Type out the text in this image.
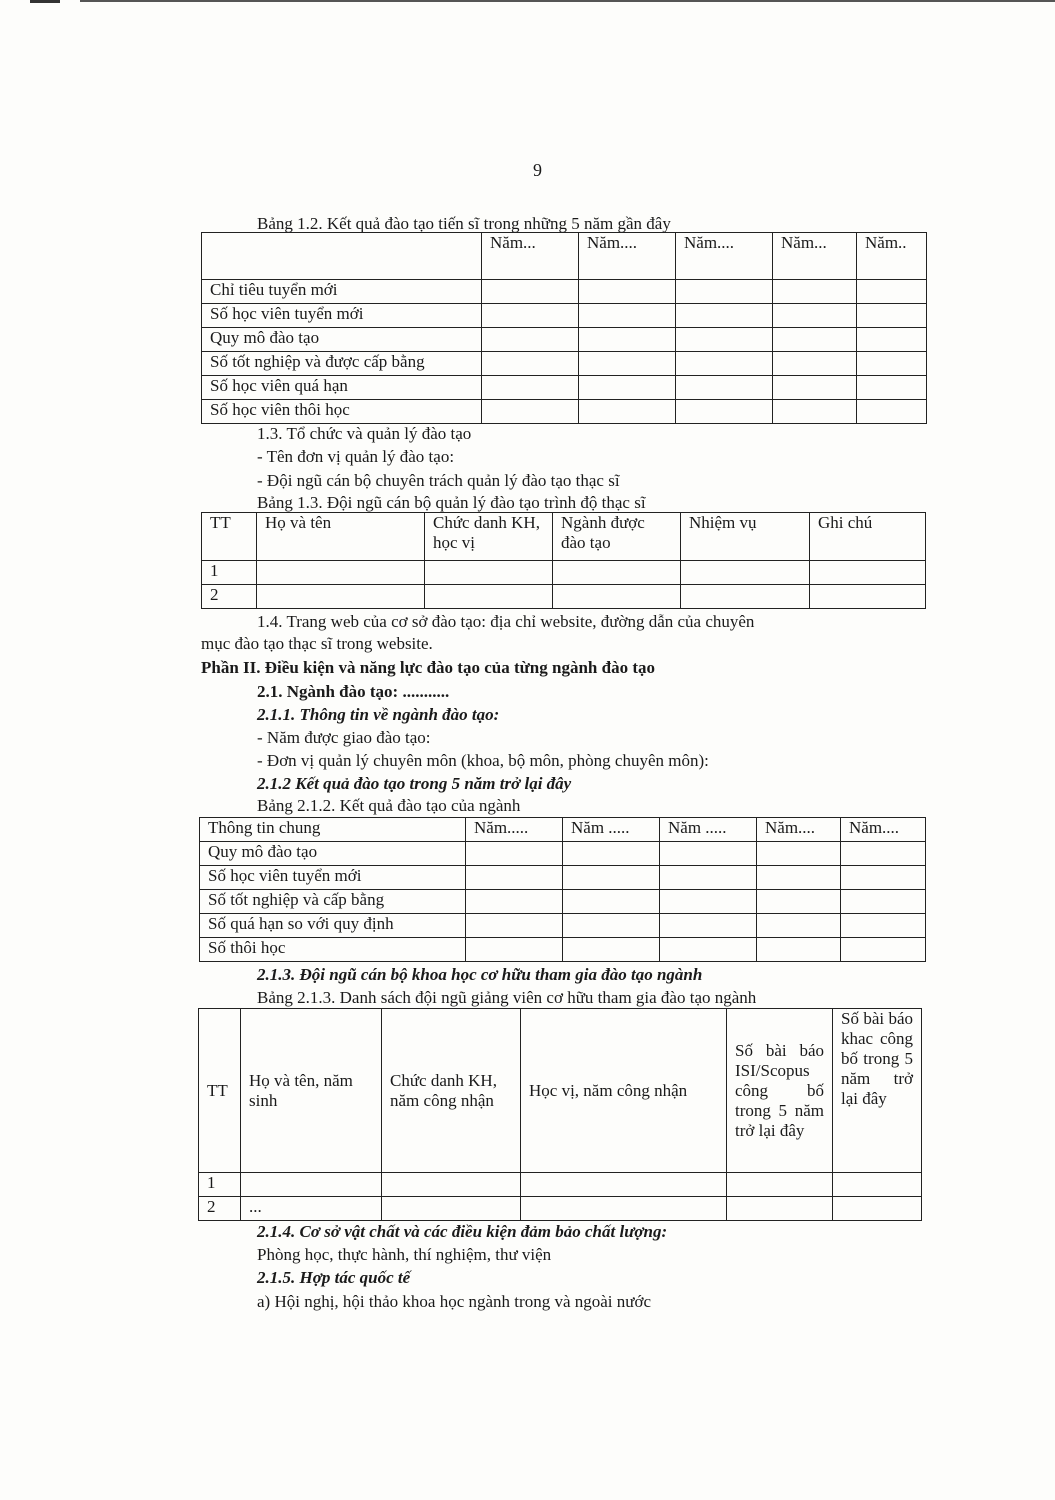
9
Bảng 1.2. Kết quả đào tạo tiến sĩ trong những 5 năm gần đây
	Năm...	Năm....	Năm....	Năm...	Năm..
Chỉ tiêu tuyển mới					
Số học viên tuyển mới					
Quy mô đào tạo					
Số tốt nghiệp và được cấp bằng					
Số học viên quá hạn					
Số học viên thôi học					
1.3. Tổ chức và quản lý đào tạo
- Tên đơn vị quản lý đào tạo:
- Đội ngũ cán bộ chuyên trách quản lý đào tạo thạc sĩ
Bảng 1.3. Đội ngũ cán bộ quản lý đào tạo trình độ thạc sĩ
TT	Họ và tên	Chức danh KH, học vị	Ngành được đào tạo	Nhiệm vụ	Ghi chú
1					
2					
1.4. Trang web của cơ sở đào tạo: địa chỉ website, đường dẫn của chuyên
mục đào tạo thạc sĩ trong website.
Phần II. Điều kiện và năng lực đào tạo của từng ngành đào tạo
2.1. Ngành đào tạo: ...........
2.1.1. Thông tin về ngành đào tạo:
- Năm được giao đào tạo:
- Đơn vị quản lý chuyên môn (khoa, bộ môn, phòng chuyên môn):
2.1.2 Kết quả đào tạo trong 5 năm trở lại đây
Bảng 2.1.2. Kết quả đào tạo của ngành
Thông tin chung	Năm.....	Năm .....	Năm .....	Năm....	Năm....
Quy mô đào tạo					
Số học viên tuyển mới					
Số tốt nghiệp và cấp bằng					
Số quá hạn so với quy định					
Số thôi học					
2.1.3. Đội ngũ cán bộ khoa học cơ hữu tham gia đào tạo ngành
Bảng 2.1.3. Danh sách đội ngũ giảng viên cơ hữu tham gia đào tạo ngành
TT	Họ và tên, năm sinh	Chức danh KH, năm công nhận	Học vị, năm công nhận	Số bài báo ISI/Scopus công bố trong 5 năm trở lại đây	Số bài báo khac công bố trong 5 năm trở lại đây
1					
2	...				
2.1.4. Cơ sở vật chất và các điều kiện đảm bảo chất lượng:
Phòng học, thực hành, thí nghiệm, thư viện
2.1.5. Hợp tác quốc tế
a) Hội nghị, hội thảo khoa học ngành trong và ngoài nước
